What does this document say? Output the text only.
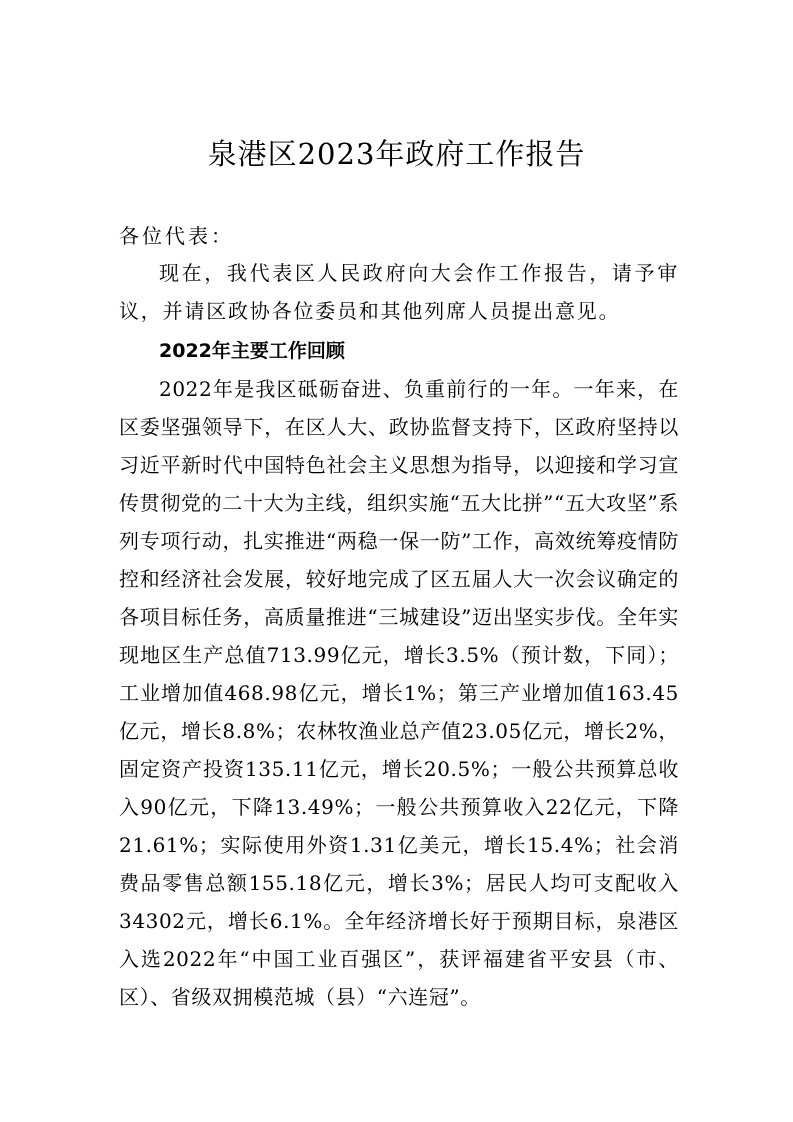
泉港区2023年政府工作报告
各位代表：
现在，我代表区人民政府向大会作工作报告，请予审议，并请区政协各位委员和其他列席人员提出意见。
2022年主要工作回顾
2022年是我区砥砺奋进、负重前行的一年。一年来，在区委坚强领导下，在区人大、政协监督支持下，区政府坚持以习近平新时代中国特色社会主义思想为指导，以迎接和学习宣传贯彻党的二十大为主线，组织实施“五大比拼”“五大攻坚”系列专项行动，扎实推进“两稳一保一防”工作，高效统筹疫情防控和经济社会发展，较好地完成了区五届人大一次会议确定的各项目标任务，高质量推进“三城建设”迈出坚实步伐。全年实现地区生产总值713.99亿元，增长3.5%（预计数，下同）；工业增加值468.98亿元，增长1%；第三产业增加值163.45亿元，增长8.8%；农林牧渔业总产值23.05亿元，增长2%，固定资产投资135.11亿元，增长20.5%；一般公共预算总收入90亿元，下降13.49%；一般公共预算收入22亿元，下降21.61%；实际使用外资1.31亿美元，增长15.4%；社会消费品零售总额155.18亿元，增长3%；居民人均可支配收入34302元，增长6.1%。全年经济增长好于预期目标，泉港区入选2022年“中国工业百强区”，获评福建省平安县（市、区）、省级双拥模范城（县）“六连冠”。
